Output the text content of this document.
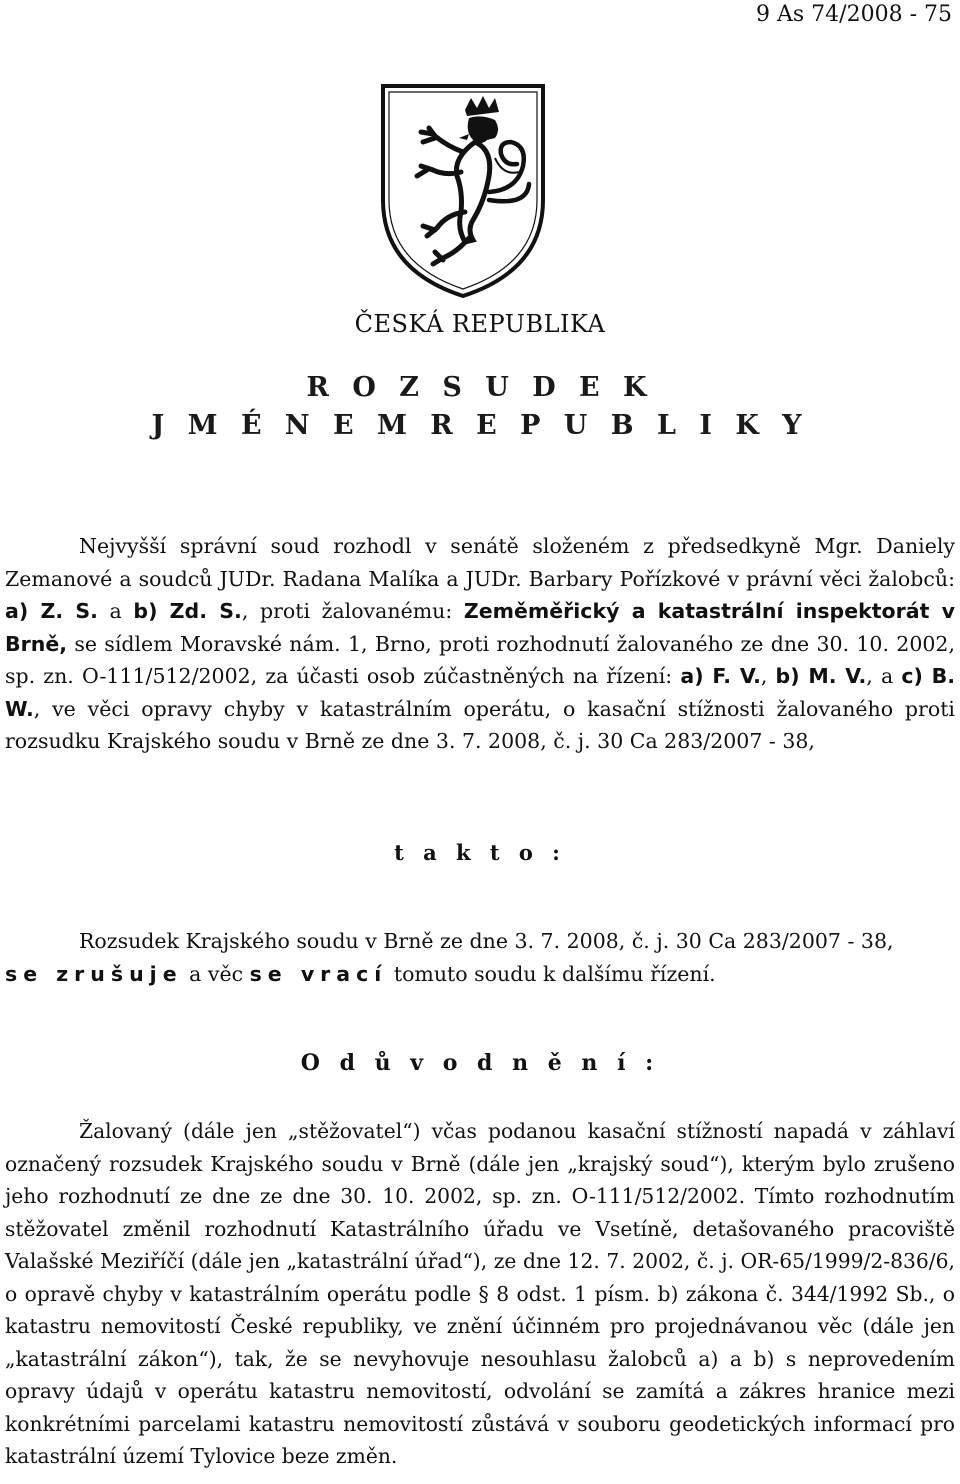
9 As 74/2008 - 75
ČESKÁ REPUBLIKA
R O Z S U D E K
J M É N E M R E P U B L I K Y
Nejvyšší správní soud rozhodl v senátě složeném z předsedkyně Mgr. Daniely Zemanové a soudců JUDr. Radana Malíka a JUDr. Barbary Pořízkové v právní věci žalobců: a) Z. S. a b) Zd. S., proti žalovanému: Zeměměřický a katastrální inspektorát v Brně, se sídlem Moravské nám. 1, Brno, proti rozhodnutí žalovaného ze dne 30. 10. 2002, sp. zn. O-111/512/2002, za účasti osob zúčastněných na řízení: a) F. V., b) M. V., a c) B. W., ve věci opravy chyby v katastrálním operátu, o kasační stížnosti žalovaného proti rozsudku Krajského soudu v Brně ze dne 3. 7. 2008, č. j. 30 Ca 283/2007 - 38,
t a k t o :
Rozsudek Krajského soudu v Brně ze dne 3. 7. 2008, č. j. 30 Ca 283/2007 - 38,
se zrušuje a věc se vrací tomuto soudu k dalšímu řízení.
O d ů v o d n ě n í :
Žalovaný (dále jen „stěžovatel“) včas podanou kasační stížností napadá v záhlaví označený rozsudek Krajského soudu v Brně (dále jen „krajský soud“), kterým bylo zrušeno jeho rozhodnutí ze dne ze dne 30. 10. 2002, sp. zn. O-111/512/2002. Tímto rozhodnutím stěžovatel změnil rozhodnutí Katastrálního úřadu ve Vsetíně, detašovaného pracoviště Valašské Meziříčí (dále jen „katastrální úřad“), ze dne 12. 7. 2002, č. j. OR-65/1999/2-836/6, o opravě chyby v katastrálním operátu podle § 8 odst. 1 písm. b) zákona č. 344/1992 Sb., o katastru nemovitostí České republiky, ve znění účinném pro projednávanou věc (dále jen „katastrální zákon“), tak, že se nevyhovuje nesouhlasu žalobců a) a b) s neprovedením opravy údajů v operátu katastru nemovitostí, odvolání se zamítá a zákres hranice mezi konkrétními parcelami katastru nemovitostí zůstává v souboru geodetických informací pro katastrální území Tylovice beze změn.
